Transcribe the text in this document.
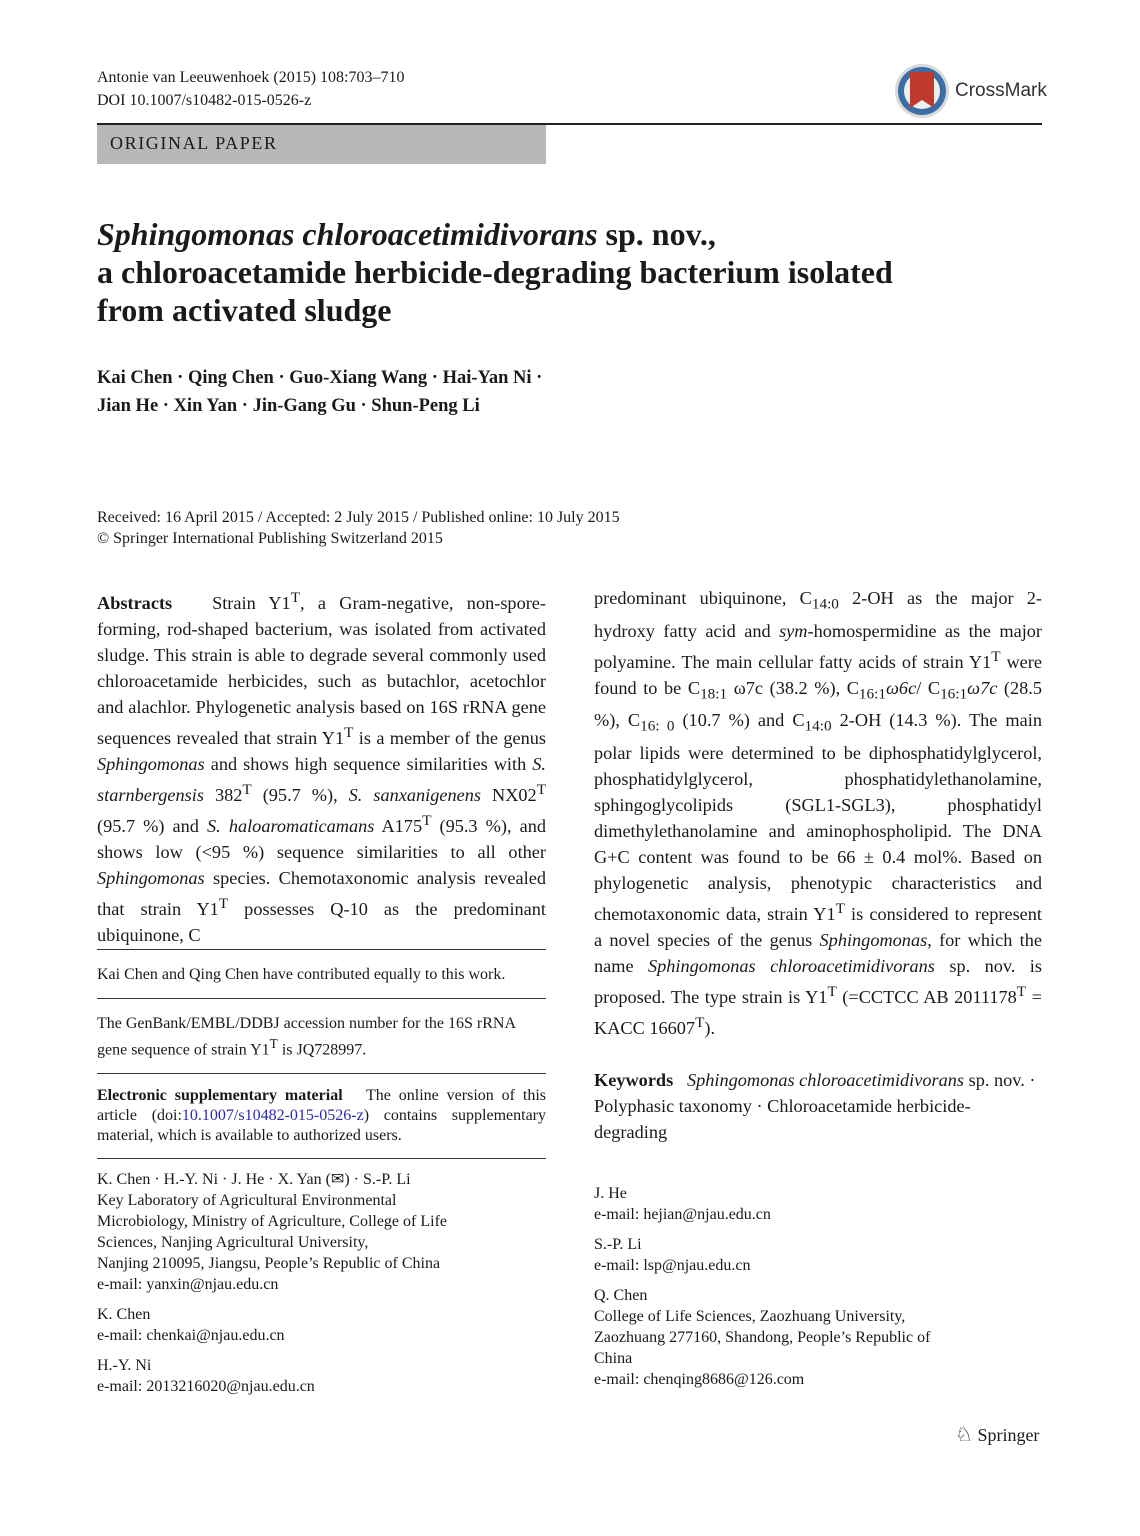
Antonie van Leeuwenhoek (2015) 108:703–710
DOI 10.1007/s10482-015-0526-z	CrossMark
ORIGINAL PAPER
Sphingomonas chloroacetimidivorans sp. nov.,
a chloroacetamide herbicide-degrading bacterium isolated
from activated sludge
Kai Chen · Qing Chen · Guo-Xiang Wang · Hai-Yan Ni ·
Jian He · Xin Yan · Jin-Gang Gu · Shun-Peng Li
Received: 16 April 2015 / Accepted: 2 July 2015 / Published online: 10 July 2015
© Springer International Publishing Switzerland 2015

Abstracts Strain $Y1^T$, a Gram-negative, non-spore-forming, rod-shaped bacterium, was isolated from activated sludge. This strain is able to degrade several commonly used chloroacetamide herbicides, such as butachlor, acetochlor and alachlor. Phylogenetic analysis based on 16S rRNA gene sequences revealed that strain $Y1^T$ is a member of the genus Sphingomonas and shows high sequence similarities with S. starnbergensis $382^T$ (95.7 %), S. sanxanigenens $NX02^T$ (95.7 %) and S. haloaromaticamans $A175^T$ (95.3 %), and shows low (<95 %) sequence similarities to all other Sphingomonas species. Chemotaxonomic analysis revealed that strain $Y1^T$ possesses Q-10 as the predominant ubiquinone, C

Kai Chen and Qing Chen have contributed equally to this work.
The GenBank/EMBL/DDBJ accession number for the 16S rRNA gene sequence of strain $Y1^T$ is JQ728997.
Electronic supplementary material The online version of this article (doi:10.1007/s10482-015-0526-z) contains supplementary material, which is available to authorized users.
K. Chen · H.-Y. Ni · J. He · X. Yan (✉) · S.-P. Li
Key Laboratory of Agricultural Environmental
Microbiology, Ministry of Agriculture, College of Life
Sciences, Nanjing Agricultural University,
Nanjing 210095, Jiangsu, People’s Republic of China
e-mail: yanxin@njau.edu.cn
K. Chen
e-mail: chenkai@njau.edu.cn
H.-Y. Ni
e-mail: 2013216020@njau.edu.cn

predominant ubiquinone, $C_{14:0}$ 2-OH as the major 2-hydroxy fatty acid and sym-homospermidine as the major polyamine. The main cellular fatty acids of strain $Y1^T$ were found to be $C_{18:1}$ ω7c (38.2 %), $C_{16:1}\omega 6c/$ $C_{16:1}\omega 7c$ (28.5 %), $C_{16: 0}$ (10.7 %) and $C_{14:0}$ 2-OH (14.3 %). The main polar lipids were determined to be diphosphatidylglycerol, phosphatidylglycerol, phosphatidylethanolamine, sphingoglycolipids (SGL1-SGL3), phosphatidyl dimethylethanolamine and aminophospholipid. The DNA G+C content was found to be 66 ± 0.4 mol%. Based on phylogenetic analysis, phenotypic characteristics and chemotaxonomic data, strain $Y1^T$ is considered to represent a novel species of the genus Sphingomonas, for which the name Sphingomonas chloroacetimidivorans sp. nov. is proposed. The type strain is $Y1^T$ (=CCTCC AB $2011178^T$ = KACC $16607^T$).

Keywords Sphingomonas chloroacetimidivorans sp. nov. · Polyphasic taxonomy · Chloroacetamide herbicide-degrading

J. He
e-mail: hejian@njau.edu.cn
S.-P. Li
e-mail: lsp@njau.edu.cn
Q. Chen
College of Life Sciences, Zaozhuang University,
Zaozhuang 277160, Shandong, People’s Republic of
China
e-mail: chenqing8686@126.com
♘ Springer
